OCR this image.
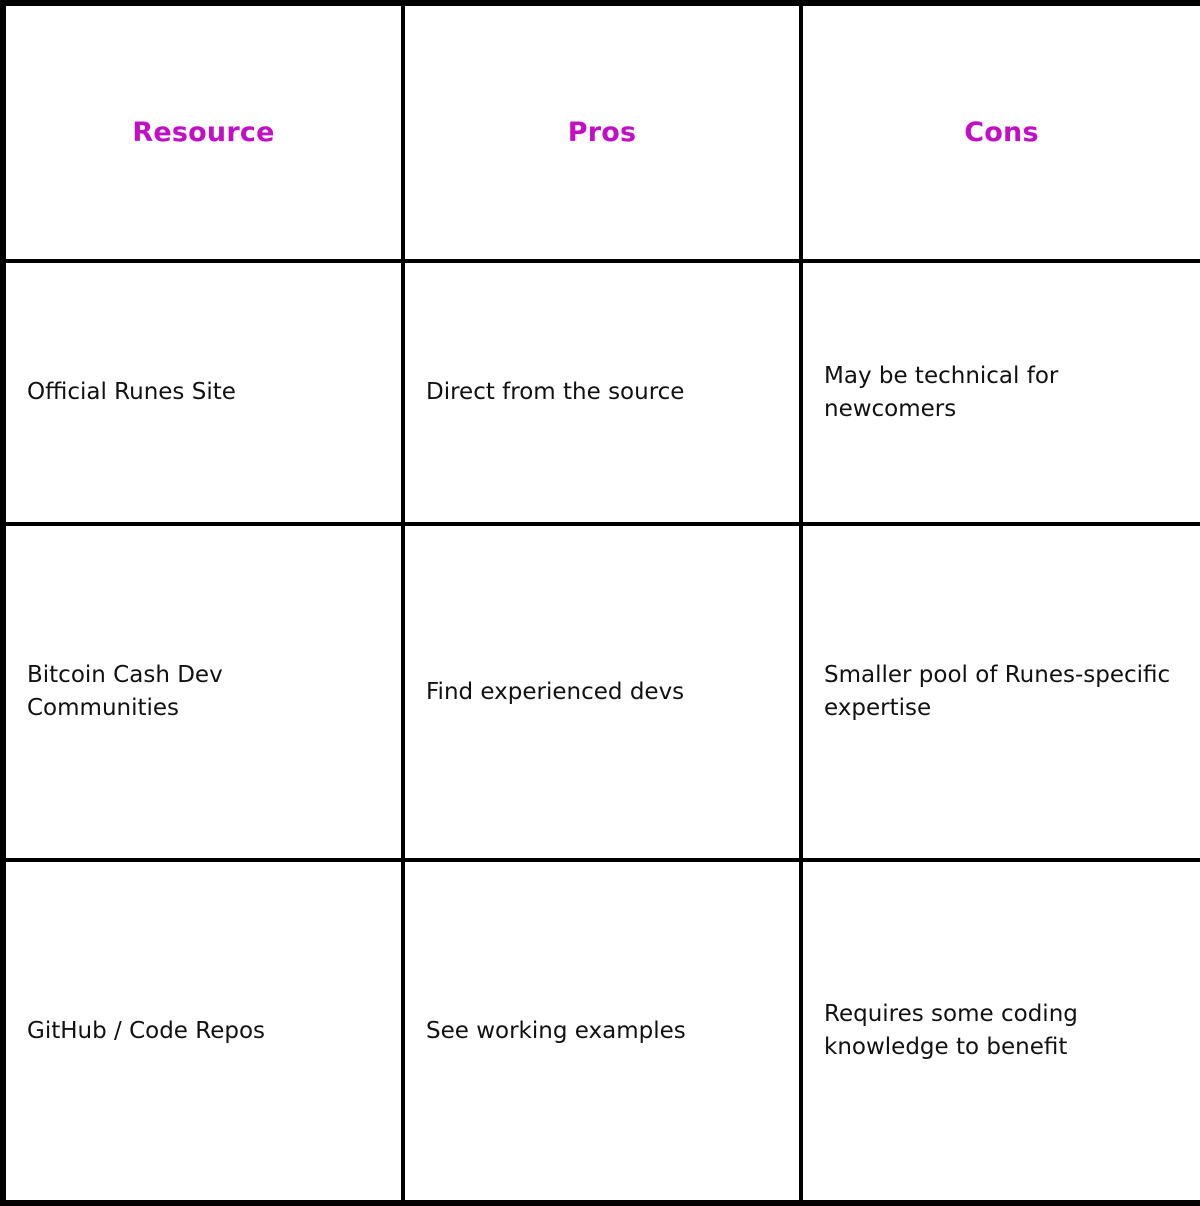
Resource	Pros	Cons

Official Runes Site	Direct from the source	May be technical for newcomers

Bitcoin Cash Dev Communities	Find experienced devs	Smaller pool of Runes-specific expertise

GitHub / Code Repos	See working examples	Requires some coding knowledge to benefit
